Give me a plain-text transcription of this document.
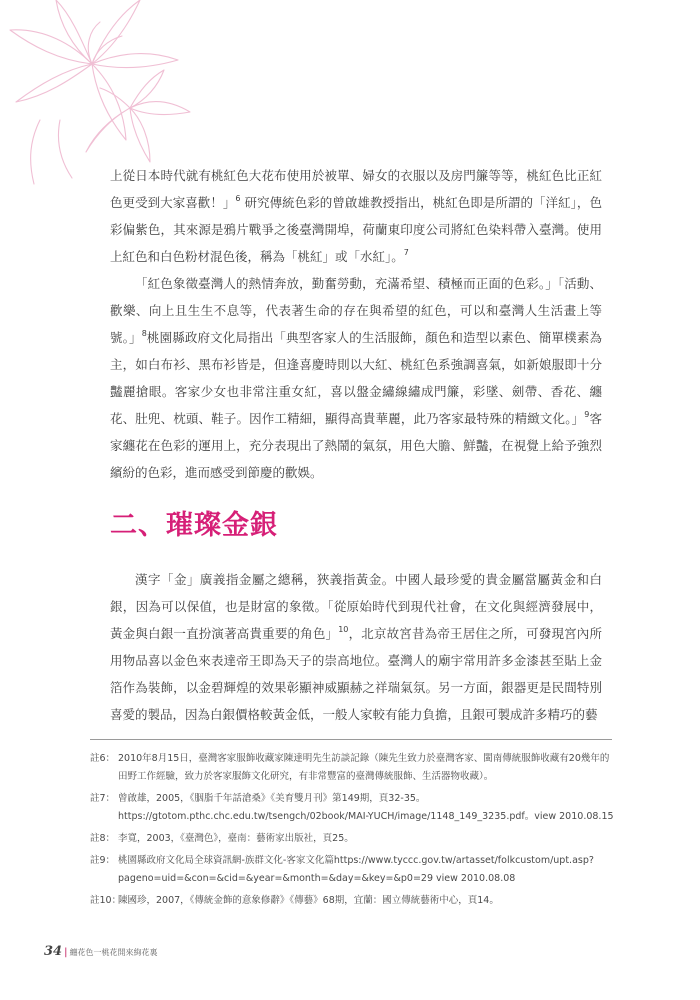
上從日本時代就有桃紅色大花布使用於被單、婦女的衣服以及房門簾等等，桃紅色比正紅色更受到大家喜歡！」$^6$ 研究傳統色彩的曾啟雄教授指出，桃紅色即是所謂的「洋紅」，色彩偏紫色，其來源是鴉片戰爭之後臺灣開埠，荷蘭東印度公司將紅色染料帶入臺灣。使用上紅色和白色粉材混色後，稱為「桃紅」或「水紅」。$^7$

「紅色象徵臺灣人的熱情奔放，勤奮勞動，充滿希望、積極而正面的色彩。」「活動、歡樂、向上且生生不息等，代表著生命的存在與希望的紅色，可以和臺灣人生活畫上等號。」$^8$桃園縣政府文化局指出「典型客家人的生活服飾，顏色和造型以素色、簡單樸素為主，如白布衫、黑布衫皆是，但逢喜慶時則以大紅、桃紅色系強調喜氣，如新娘服即十分豔麗搶眼。客家少女也非常注重女紅，喜以盤金繡線繡成門簾，彩墜、劍帶、香花、纏花、肚兜、枕頭、鞋子。因作工精細，顯得高貴華麗，此乃客家最特殊的精緻文化。」$^9$客家纏花在色彩的運用上，充分表現出了熱鬧的氣氛，用色大膽、鮮豔，在視覺上給予強烈繽紛的色彩，進而感受到節慶的歡娛。

二、璀璨金銀

漢字「金」廣義指金屬之總稱，狹義指黃金。中國人最珍愛的貴金屬當屬黃金和白銀，因為可以保值，也是財富的象徵。「從原始時代到現代社會，在文化與經濟發展中，黃金與白銀一直扮演著高貴重要的角色」$^{10}$，北京故宮昔為帝王居住之所，可發現宮內所用物品喜以金色來表達帝王即為天子的崇高地位。臺灣人的廟宇常用許多金漆甚至貼上金箔作為裝飾，以金碧輝煌的效果彰顯神威顯赫之祥瑞氣氛。另一方面，銀器更是民間特別喜愛的製品，因為白銀價格較黃金低，一般人家較有能力負擔，且銀可製成許多精巧的藝

註6： 2010年8月15日，臺灣客家服飾收藏家陳達明先生訪談記錄（陳先生致力於臺灣客家、閩南傳統服飾收藏有20幾年的田野工作經驗，致力於客家服飾文化研究，有非常豐富的臺灣傳統服飾、生活器物收藏）。

註7： 曾啟雄，2005，《胭脂千年話滄桑》《美育雙月刊》第149期，頁32-35。https://gtotom.pthc.chc.edu.tw/tsengch/02book/MAI-YUCH/image/1148_149_3235.pdf。view 2010.08.15

註8： 李寬，2003，《臺灣色》，臺南：藝術家出版社，頁25。

註9： 桃園縣政府文化局全球資訊網-族群文化-客家文化篇https://www.tyccc.gov.tw/artasset/folkcustom/upt.asp?pageno=uid=&con=&cid=&year=&month=&day=&key=&p0=29 view 2010.08.08

註10：
陳國珍，2007，《傳統金飾的意象修辭》《傳藝》68期，宜蘭：國立傳統藝術中心，頁14。

34 | 纏花色一桃花開來絢花裏
